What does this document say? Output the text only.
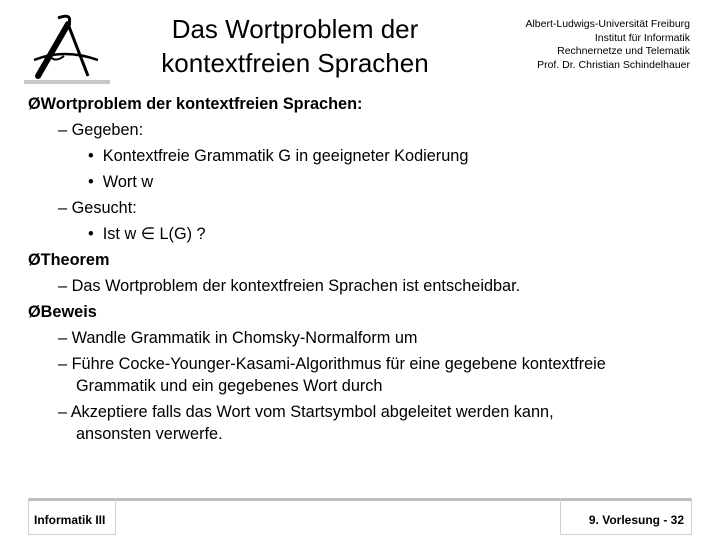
Das Wortproblem der
kontextfreien Sprachen
Albert-Ludwigs-Universität Freiburg
Institut für Informatik
Rechnernetze und Telematik
Prof. Dr. Christian Schindelhauer
ØWortproblem der kontextfreien Sprachen:
– Gegeben:
• Kontextfreie Grammatik G in geeigneter Kodierung
• Wort w
– Gesucht:
• Ist w ∈ L(G) ?
ØTheorem
– Das Wortproblem der kontextfreien Sprachen ist entscheidbar.
ØBeweis
– Wandle Grammatik in Chomsky-Normalform um
– Führe Cocke-Younger-Kasami-Algorithmus für eine gegebene kontextfreie
Grammatik und ein gegebenes Wort durch
– Akzeptiere falls das Wort vom Startsymbol abgeleitet werden kann,
ansonsten verwerfe.
Informatik III	9. Vorlesung - 32
